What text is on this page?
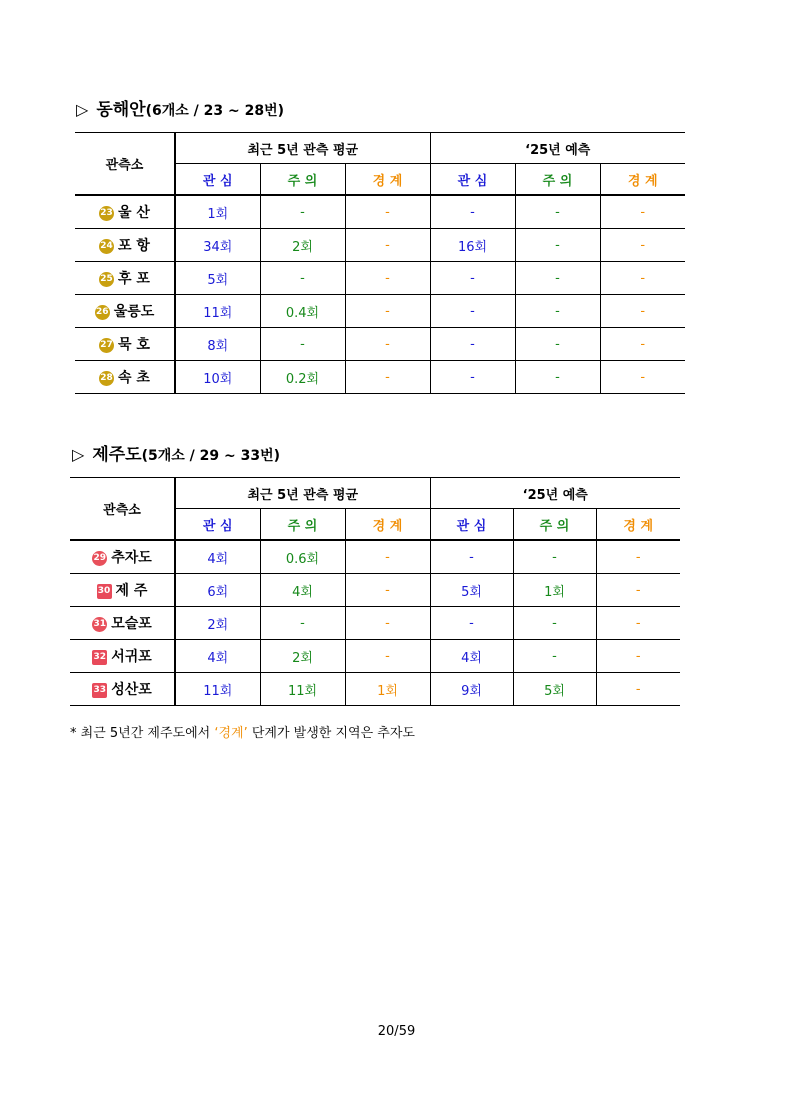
▷ 동해안(6개소 / 23 ~ 28번)
관측소	최근 5년 관측 평균			‘25년 예측		
	관 심	주 의	경 계	관 심	주 의	경 계
23 울 산	1회	-	-	-	-	-
24 포 항	34회	2회	-	16회	-	-
25 후 포	5회	-	-	-	-	-
26 울릉도	11회	0.4회	-	-	-	-
27 묵 호	8회	-	-	-	-	-
28 속 초	10회	0.2회	-	-	-	-
▷ 제주도(5개소 / 29 ~ 33번)
관측소	최근 5년 관측 평균			‘25년 예측		
	관 심	주 의	경 계	관 심	주 의	경 계
29 추자도	4회	0.6회	-	-	-	-
30 제 주	6회	4회	-	5회	1회	-
31 모슬포	2회	-	-	-	-	-
32 서귀포	4회	2회	-	4회	-	-
33 성산포	11회	11회	1회	9회	5회	-
* 최근 5년간 제주도에서 ‘경계’ 단계가 발생한 지역은 추자도
20/59
